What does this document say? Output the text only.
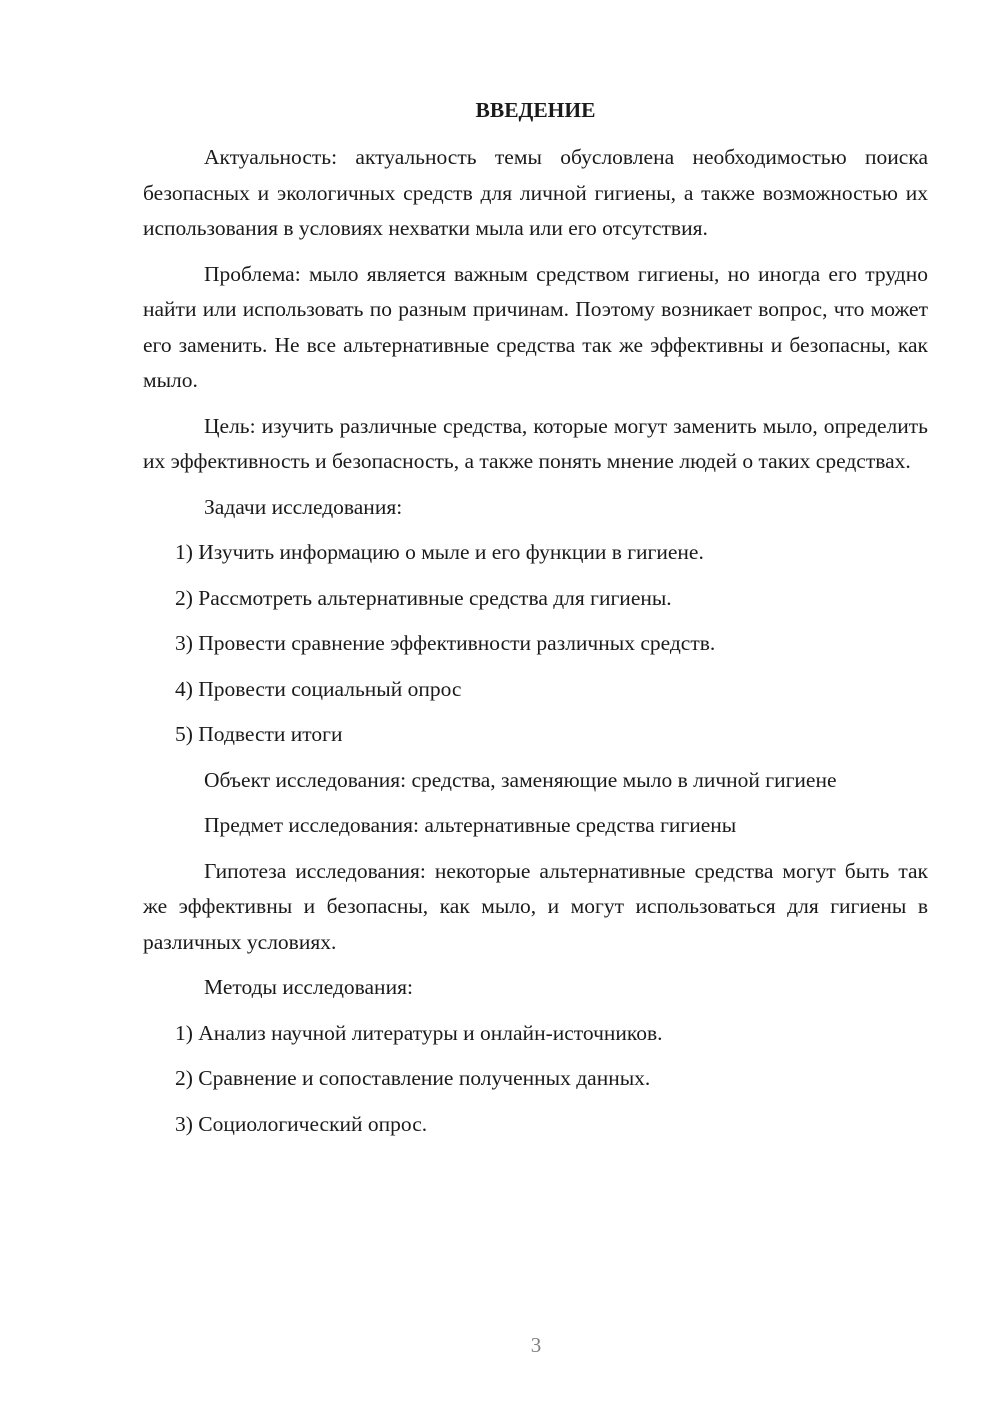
ВВЕДЕНИЕ

Актуальность: актуальность темы обусловлена необходимостью поиска безопасных и экологичных средств для личной гигиены, а также возможностью их использования в условиях нехватки мыла или его отсутствия.

Проблема: мыло является важным средством гигиены, но иногда его трудно найти или использовать по разным причинам. Поэтому возникает вопрос, что может его заменить. Не все альтернативные средства так же эффективны и безопасны, как мыло.

Цель: изучить различные средства, которые могут заменить мыло, определить их эффективность и безопасность, а также понять мнение людей о таких средствах.

Задачи исследования:

1) Изучить информацию о мыле и его функции в гигиене.

2) Рассмотреть альтернативные средства для гигиены.

3) Провести сравнение эффективности различных средств.

4) Провести социальный опрос

5) Подвести итоги

Объект исследования: средства, заменяющие мыло в личной гигиене

Предмет исследования: альтернативные средства гигиены

Гипотеза исследования: некоторые альтернативные средства могут быть так же эффективны и безопасны, как мыло, и могут использоваться для гигиены в различных условиях.

Методы исследования:

1) Анализ научной литературы и онлайн-источников.

2) Сравнение и сопоставление полученных данных.

3) Социологический опрос.

3
